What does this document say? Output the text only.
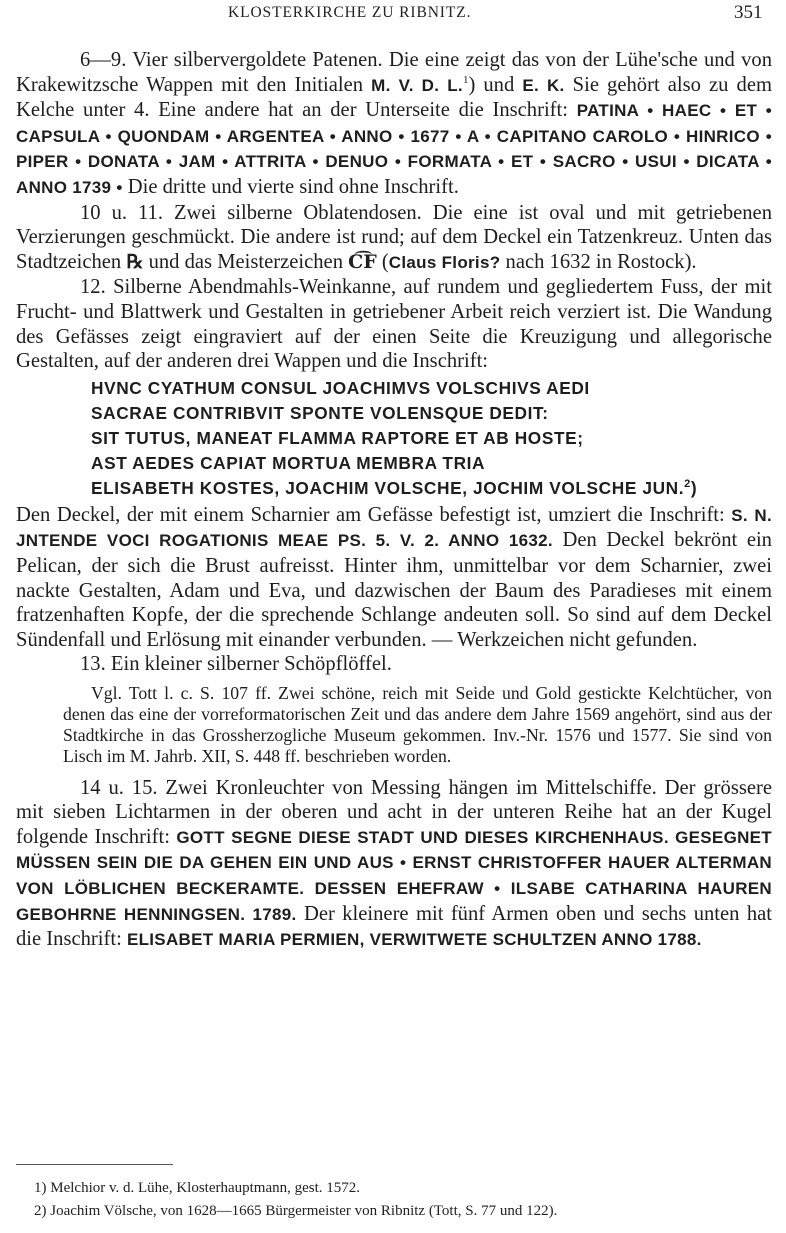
KLOSTERKIRCHE ZU RIBNITZ.	351

6—9. Vier silbervergoldete Patenen. Die eine zeigt das von der Lühe'sche und von Krakewitzsche Wappen mit den Initialen M. V. D. L.$^1$) und E. K. Sie gehört also zu dem Kelche unter 4. Eine andere hat an der Unterseite die Inschrift: PATINA • HAEC • ET • CAPSULA • QUONDAM • ARGENTEA • ANNO • 1677 • A • CAPITANO CAROLO • HINRICO • PIPER • DONATA • JAM • ATTRITA • DENUO • FORMATA • ET • SACRO • USUI • DICATA • ANNO 1739 • Die dritte und vierte sind ohne Inschrift.

10 u. 11. Zwei silberne Oblatendosen. Die eine ist oval und mit getriebenen Verzierungen geschmückt. Die andere ist rund; auf dem Deckel ein Tatzenkreuz. Unten das Stadtzeichen ℞ und das Meisterzeichen C͡F (Claus Floris? nach 1632 in Rostock).

12. Silberne Abendmahls-Weinkanne, auf rundem und gegliedertem Fuss, der mit Frucht- und Blattwerk und Gestalten in getriebener Arbeit reich verziert ist. Die Wandung des Gefässes zeigt eingraviert auf der einen Seite die Kreuzigung und allegorische Gestalten, auf der anderen drei Wappen und die Inschrift:

HVNC CYATHUM CONSUL JOACHIMVS VOLSCHIVS AEDI
SACRAE CONTRIBVIT SPONTE VOLENSQUE DEDIT:
SIT TUTUS, MANEAT FLAMMA RAPTORE ET AB HOSTE;
AST AEDES CAPIAT MORTUA MEMBRA TRIA
ELISABETH KOSTES, JOACHIM VOLSCHE, JOCHIM VOLSCHE JUN.$^2$)

Den Deckel, der mit einem Scharnier am Gefässe befestigt ist, umziert die Inschrift: S. N. JNTENDE VOCI ROGATIONIS MEAE PS. 5. V. 2. ANNO 1632. Den Deckel bekrönt ein Pelican, der sich die Brust aufreisst. Hinter ihm, unmittelbar vor dem Scharnier, zwei nackte Gestalten, Adam und Eva, und dazwischen der Baum des Paradieses mit einem fratzenhaften Kopfe, der die sprechende Schlange andeuten soll. So sind auf dem Deckel Sündenfall und Erlösung mit einander verbunden. — Werkzeichen nicht gefunden.

13. Ein kleiner silberner Schöpflöffel.

Vgl. Tott l. c. S. 107 ff. Zwei schöne, reich mit Seide und Gold gestickte Kelchtücher, von denen das eine der vorreformatorischen Zeit und das andere dem Jahre 1569 angehört, sind aus der Stadtkirche in das Grossherzogliche Museum gekommen. Inv.-Nr. 1576 und 1577. Sie sind von Lisch im M. Jahrb. XII, S. 448 ff. beschrieben worden.

14 u. 15. Zwei Kronleuchter von Messing hängen im Mittelschiffe. Der grössere mit sieben Lichtarmen in der oberen und acht in der unteren Reihe hat an der Kugel folgende Inschrift: GOTT SEGNE DIESE STADT UND DIESES KIRCHENHAUS. GESEGNET MÜSSEN SEIN DIE DA GEHEN EIN UND AUS • ERNST CHRISTOFFER HAUER ALTERMAN VON LÖBLICHEN BECKERAMTE. DESSEN EHEFRAW • ILSABE CATHARINA HAUREN GEBOHRNE HENNINGSEN. 1789. Der kleinere mit fünf Armen oben und sechs unten hat die Inschrift: ELISABET MARIA PERMIEN, VERWITWETE SCHULTZEN ANNO 1788.

1) Melchior v. d. Lühe, Klosterhauptmann, gest. 1572.
2) Joachim Völsche, von 1628—1665 Bürgermeister von Ribnitz (Tott, S. 77 und 122).
